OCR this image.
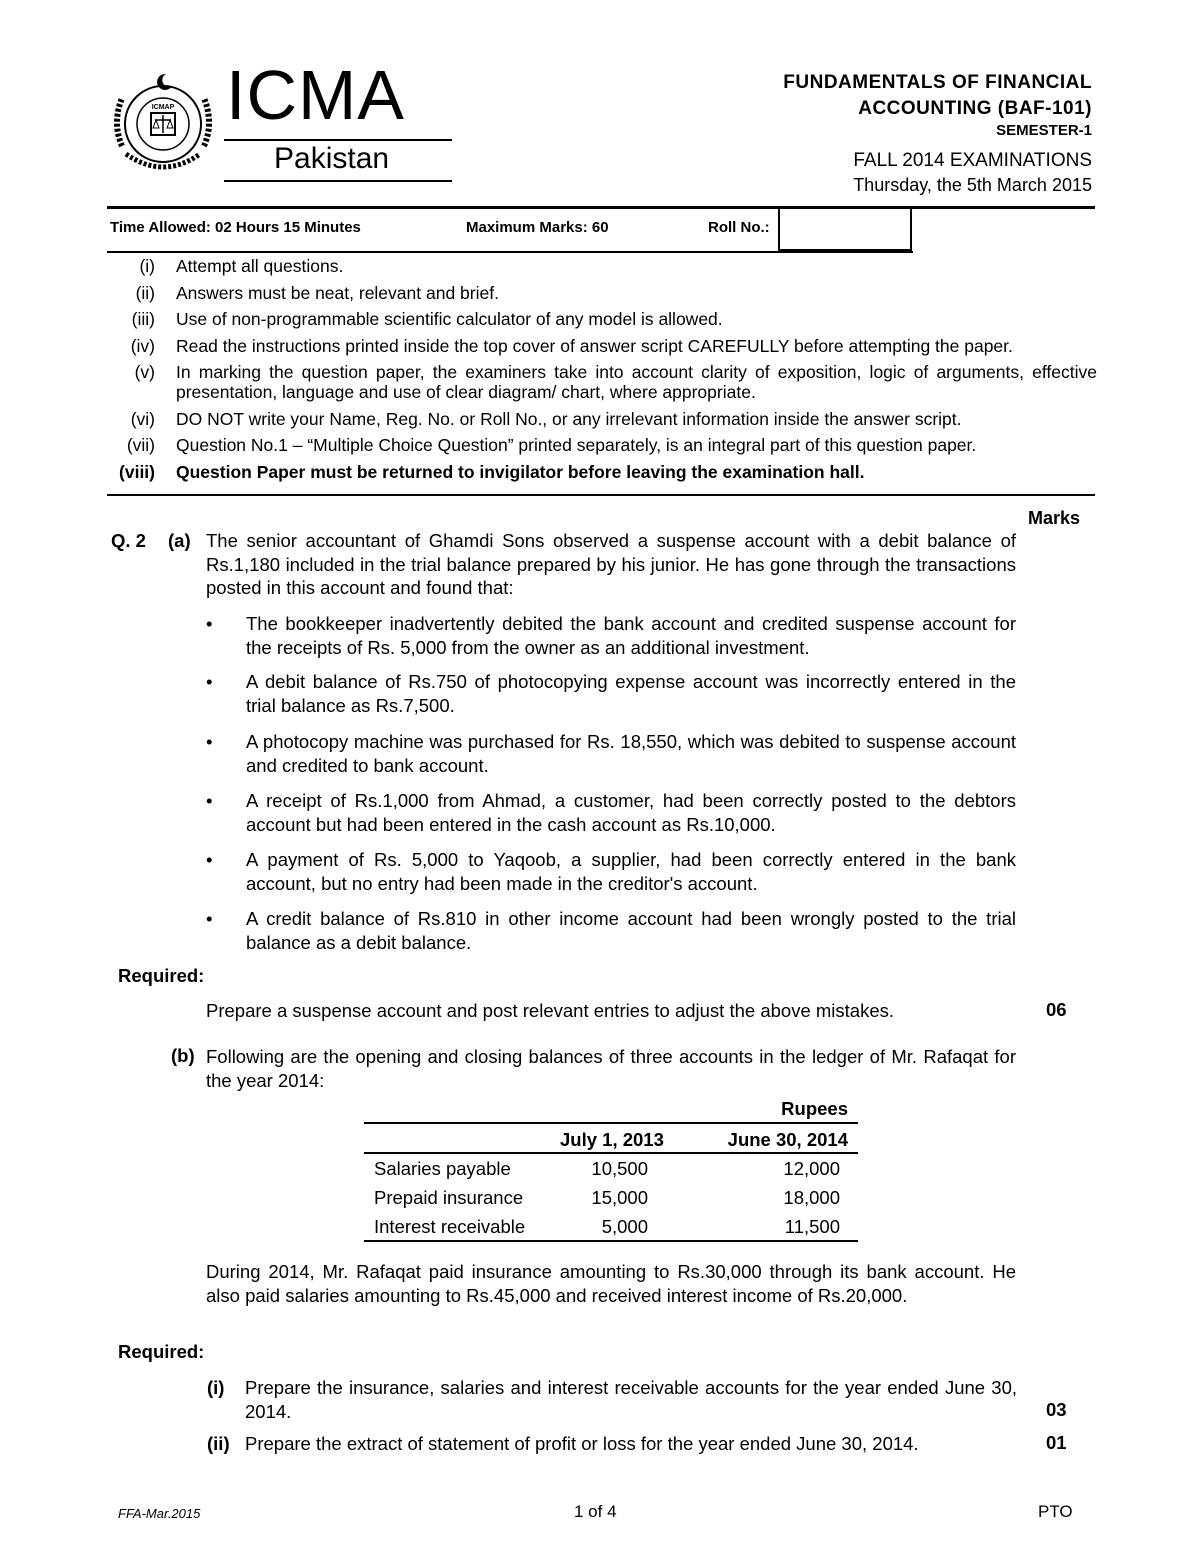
ICMAP ICMA
Pakistan
FUNDAMENTALS OF FINANCIAL
ACCOUNTING (BAF-101)
SEMESTER-1
FALL 2014 EXAMINATIONS
Thursday, the 5th March 2015
Time Allowed: 02 Hours 15 Minutes	Maximum Marks: 60	Roll No.:
(i) Attempt all questions.
(ii) Answers must be neat, relevant and brief.
(iii) Use of non-programmable scientific calculator of any model is allowed.
(iv) Read the instructions printed inside the top cover of answer script CAREFULLY before attempting the paper.
(v) In marking the question paper, the examiners take into account clarity of exposition, logic of arguments, effective presentation, language and use of clear diagram/ chart, where appropriate.
(vi) DO NOT write your Name, Reg. No. or Roll No., or any irrelevant information inside the answer script.
(vii) Question No.1 – “Multiple Choice Question” printed separately, is an integral part of this question paper.
(viii) Question Paper must be returned to invigilator before leaving the examination hall.
Marks
Q. 2 (a) The senior accountant of Ghamdi Sons observed a suspense account with a debit balance of Rs.1,180 included in the trial balance prepared by his junior. He has gone through the transactions posted in this account and found that:
• The bookkeeper inadvertently debited the bank account and credited suspense account for the receipts of Rs. 5,000 from the owner as an additional investment.
• A debit balance of Rs.750 of photocopying expense account was incorrectly entered in the trial balance as Rs.7,500.
• A photocopy machine was purchased for Rs. 18,550, which was debited to suspense account and credited to bank account.
• A receipt of Rs.1,000 from Ahmad, a customer, had been correctly posted to the debtors account but had been entered in the cash account as Rs.10,000.
• A payment of Rs. 5,000 to Yaqoob, a supplier, had been correctly entered in the bank account, but no entry had been made in the creditor's account.
• A credit balance of Rs.810 in other income account had been wrongly posted to the trial balance as a debit balance.
Required:
Prepare a suspense account and post relevant entries to adjust the above mistakes.	06
(b) Following are the opening and closing balances of three accounts in the ledger of Mr. Rafaqat for the year 2014:
Rupees
July 1, 2013	June 30, 2014
Salaries payable	10,500	12,000
Prepaid insurance	15,000	18,000
Interest receivable	5,000	11,500
During 2014, Mr. Rafaqat paid insurance amounting to Rs.30,000 through its bank account. He also paid salaries amounting to Rs.45,000 and received interest income of Rs.20,000.
Required:
(i) Prepare the insurance, salaries and interest receivable accounts for the year ended June 30, 2014.	03
(ii) Prepare the extract of statement of profit or loss for the year ended June 30, 2014.	01
FFA-Mar.2015	1 of 4	PTO
